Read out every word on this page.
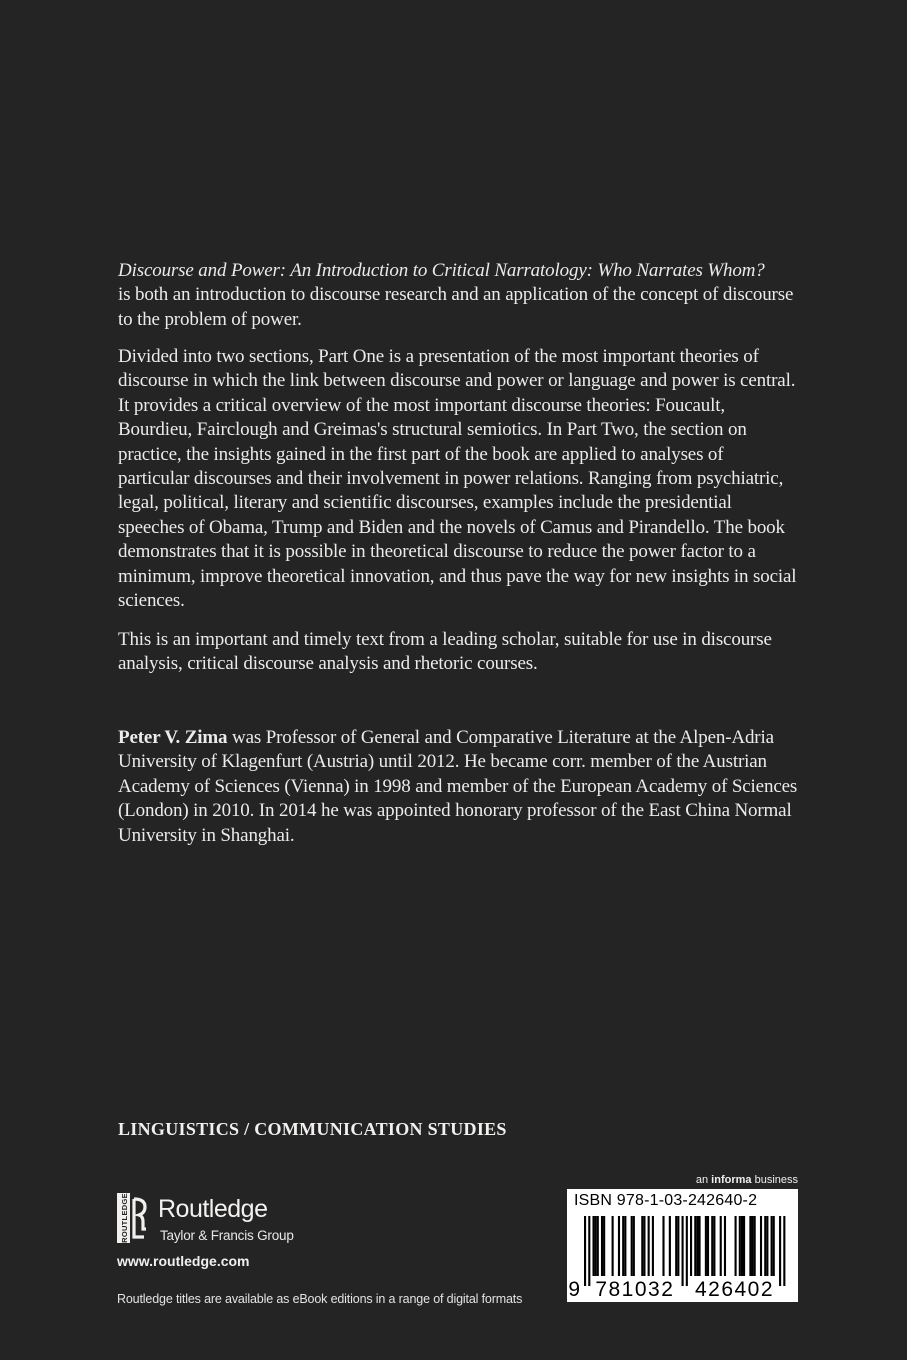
Discourse and Power: An Introduction to Critical Narratology: Who Narrates Whom?
is both an introduction to discourse research and an application of the concept of discourse to the problem of power.

Divided into two sections, Part One is a presentation of the most important theories of discourse in which the link between discourse and power or language and power is central. It provides a critical overview of the most important discourse theories: Foucault, Bourdieu, Fairclough and Greimas's structural semiotics. In Part Two, the section on practice, the insights gained in the first part of the book are applied to analyses of particular discourses and their involvement in power relations. Ranging from psychiatric, legal, political, literary and scientific discourses, examples include the presidential speeches of Obama, Trump and Biden and the novels of Camus and Pirandello. The book demonstrates that it is possible in theoretical discourse to reduce the power factor to a minimum, improve theoretical innovation, and thus pave the way for new insights in social sciences.

This is an important and timely text from a leading scholar, suitable for use in discourse analysis, critical discourse analysis and rhetoric courses.

Peter V. Zima was Professor of General and Comparative Literature at the Alpen-Adria University of Klagenfurt (Austria) until 2012. He became corr. member of the Austrian Academy of Sciences (Vienna) in 1998 and member of the European Academy of Sciences (London) in 2010. In 2014 he was appointed honorary professor of the East China Normal University in Shanghai.

LINGUISTICS / COMMUNICATION STUDIES
ROUTLEDGE Routledge
Taylor & Francis Group
www.routledge.com
Routledge titles are available as eBook editions in a range of digital formats
an informa business
ISBN 978-1-03-242640-2
9 781032 426402
